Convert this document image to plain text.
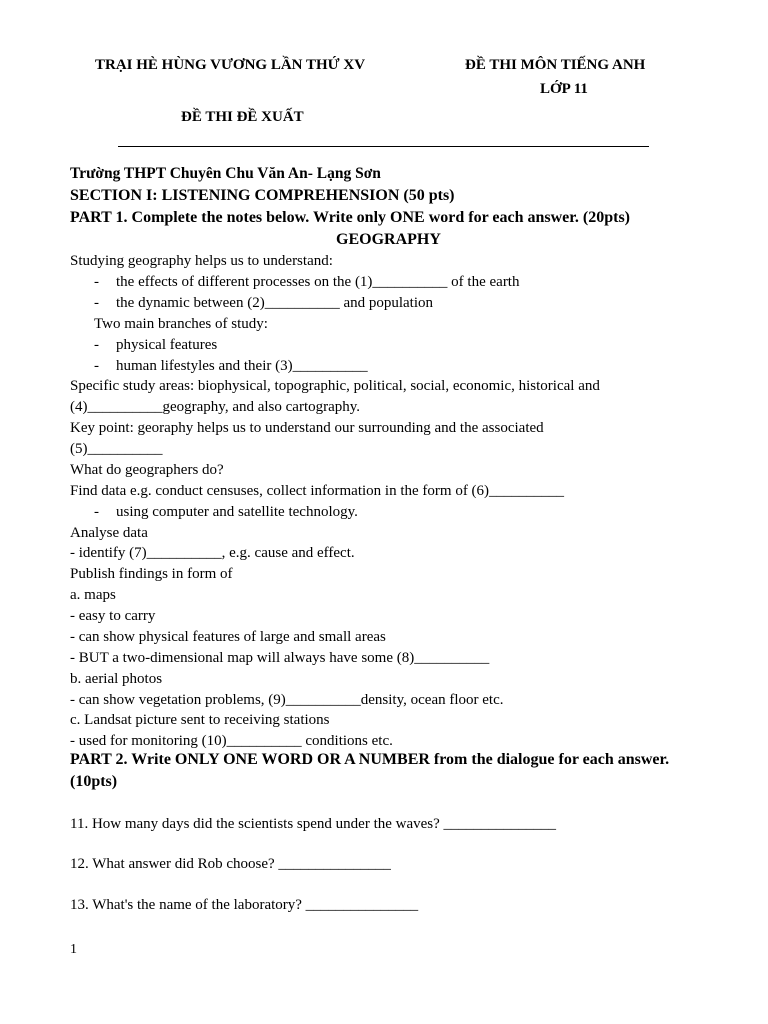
TRẠI HÈ HÙNG VƯƠNG LẦN THỨ XV	ĐỀ THI MÔN TIẾNG ANH
LỚP 11
ĐỀ THI ĐỀ XUẤT
Trường THPT Chuyên Chu Văn An- Lạng Sơn
SECTION I: LISTENING COMPREHENSION (50 pts)
PART 1. Complete the notes below. Write only ONE word for each answer. (20pts)
GEOGRAPHY
Studying geography helps us to understand:
- the effects of different processes on the (1)__________ of the earth
- the dynamic between (2)__________ and population
Two main branches of study:
- physical features
- human lifestyles and their (3)__________
Specific study areas: biophysical, topographic, political, social, economic, historical and
(4)__________geography, and also cartography.
Key point: georaphy helps us to understand our surrounding and the associated
(5)__________
What do geographers do?
Find data e.g. conduct censuses, collect information in the form of (6)__________
- using computer and satellite technology.
Analyse data
- identify (7)__________, e.g. cause and effect.
Publish findings in form of
a. maps
- easy to carry
- can show physical features of large and small areas
- BUT a two-dimensional map will always have some (8)__________
b. aerial photos
- can show vegetation problems, (9)__________density, ocean floor etc.
c. Landsat picture sent to receiving stations
- used for monitoring (10)__________ conditions etc.
PART 2. Write ONLY ONE WORD OR A NUMBER from the dialogue for each answer.
(10pts)
11. How many days did the scientists spend under the waves? _______________
12. What answer did Rob choose? _______________
13. What's the name of the laboratory? _______________
1
